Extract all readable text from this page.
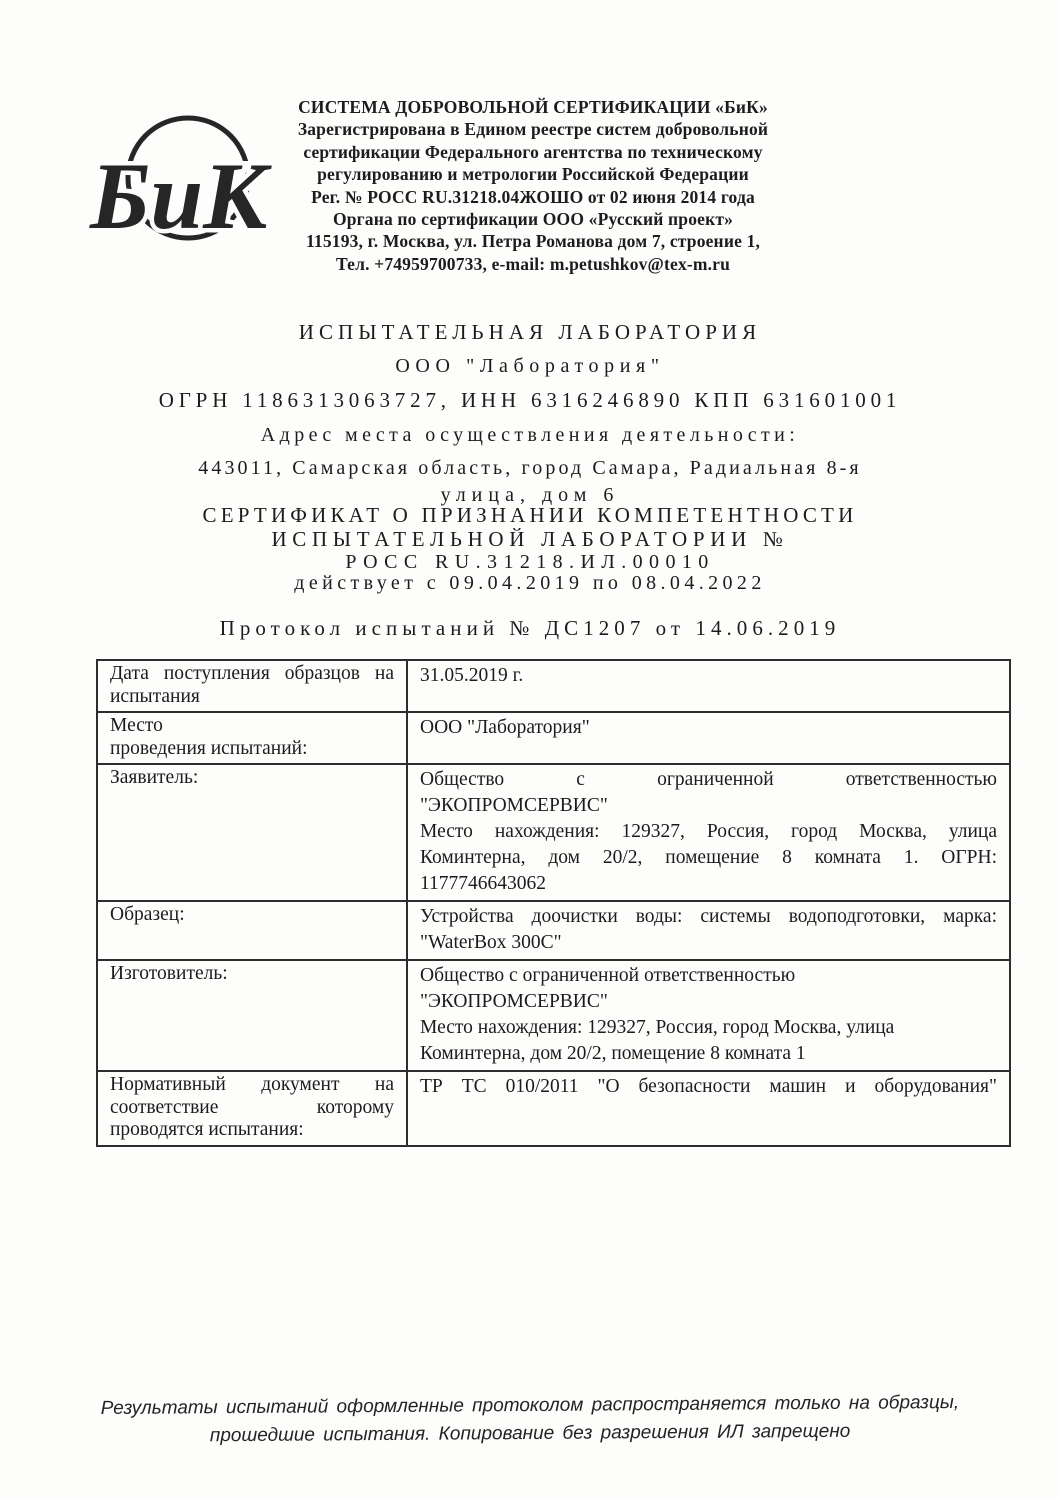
БиК
СИСТЕМА ДОБРОВОЛЬНОЙ СЕРТИФИКАЦИИ «БиК»
Зарегистрирована в Едином реестре систем добровольной
сертификации Федерального агентства по техническому
регулированию и метрологии Российской Федерации
Рег. № РОСС RU.31218.04ЖОШО от 02 июня 2014 года
Органа по сертификации ООО «Русский проект»
115193, г. Москва, ул. Петра Романова дом 7, строение 1,
Тел. +74959700733, e-mail: m.petushkov@tex-m.ru
ИСПЫТАТЕЛЬНАЯ ЛАБОРАТОРИЯ
ООО "Лаборатория"
ОГРН 1186313063727, ИНН 6316246890 КПП 631601001
Адрес места осуществления деятельности:
443011, Самарская область, город Самара, Радиальная 8-я
улица, дом 6
СЕРТИФИКАТ О ПРИЗНАНИИ КОМПЕТЕНТНОСТИ
ИСПЫТАТЕЛЬНОЙ ЛАБОРАТОРИИ №
РОСС RU.31218.ИЛ.00010
действует с 09.04.2019 по 08.04.2022
Протокол испытаний № ДС1207 от 14.06.2019
Дата поступления образцов на
испытания	31.05.2019 г.

Место
проведения испытаний:	ООО "Лаборатория"

Заявитель:	Общество с ограниченной ответственностью
"ЭКОПРОМСЕРВИС"
Место нахождения: 129327, Россия, город Москва, улица
Коминтерна, дом 20/2, помещение 8 комната 1. ОГРН:
1177746643062

Образец:	Устройства доочистки воды: системы водоподготовки, марка:
"WaterBox 300C"

Изготовитель:	Общество с ограниченной ответственностью
"ЭКОПРОМСЕРВИС"
Место нахождения: 129327, Россия, город Москва, улица
Коминтерна, дом 20/2, помещение 8 комната 1

Нормативный документ на
соответствие которому
проводятся испытания:	ТР ТС 010/2011 "О безопасности машин и оборудования"
Результаты испытаний оформленные протоколом распространяется только на образцы,
прошедшие испытания. Копирование без разрешения ИЛ запрещено
